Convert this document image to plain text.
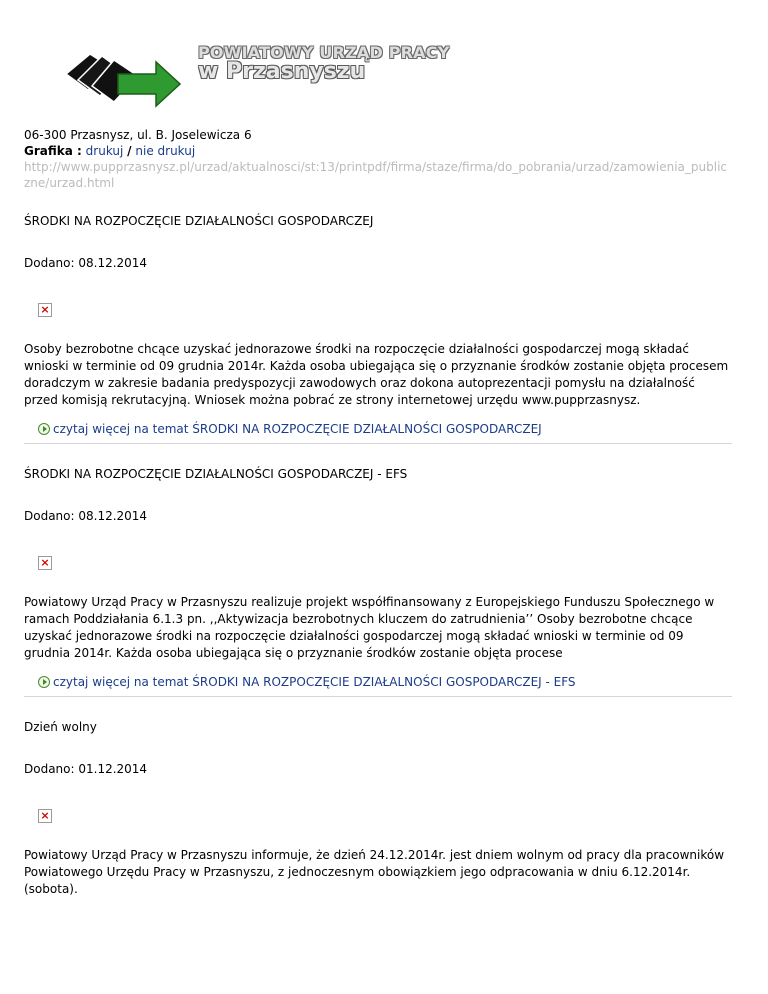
POWIATOWY URZĄD PRACY
w Przasnyszu
06-300 Przasnysz, ul. B. Joselewicza 6
Grafika : drukuj / nie drukuj
http://www.pupprzasnysz.pl/urzad/aktualnosci/st:13/printpdf/firma/staze/firma/do_pobrania/urzad/zamowienia_publiczne/urzad.html
ŚRODKI NA ROZPOCZĘCIE DZIAŁALNOŚCI GOSPODARCZEJ
Dodano: 08.12.2014
×
Osoby bezrobotne chcące uzyskać jednorazowe środki na rozpoczęcie działalności gospodarczej mogą składać wnioski w terminie od 09 grudnia 2014r. Każda osoba ubiegająca się o przyznanie środków zostanie objęta procesem doradczym w zakresie badania predyspozycji zawodowych oraz dokona autoprezentacji pomysłu na działalność przed komisją rekrutacyjną. Wniosek można pobrać ze strony internetowej urzędu www.pupprzasnysz.
czytaj więcej na temat ŚRODKI NA ROZPOCZĘCIE DZIAŁALNOŚCI GOSPODARCZEJ
ŚRODKI NA ROZPOCZĘCIE DZIAŁALNOŚCI GOSPODARCZEJ - EFS
Dodano: 08.12.2014
×
Powiatowy Urząd Pracy w Przasnyszu realizuje projekt współfinansowany z Europejskiego Funduszu Społecznego w ramach Poddziałania 6.1.3 pn. ,,Aktywizacja bezrobotnych kluczem do zatrudnienia’’ Osoby bezrobotne chcące uzyskać jednorazowe środki na rozpoczęcie działalności gospodarczej mogą składać wnioski w terminie od 09 grudnia 2014r. Każda osoba ubiegająca się o przyznanie środków zostanie objęta procese
czytaj więcej na temat ŚRODKI NA ROZPOCZĘCIE DZIAŁALNOŚCI GOSPODARCZEJ - EFS
Dzień wolny
Dodano: 01.12.2014
×
Powiatowy Urząd Pracy w Przasnyszu informuje, że dzień 24.12.2014r. jest dniem wolnym od pracy dla pracowników Powiatowego Urzędu Pracy w Przasnyszu, z jednoczesnym obowiązkiem jego odpracowania w dniu 6.12.2014r. (sobota).
